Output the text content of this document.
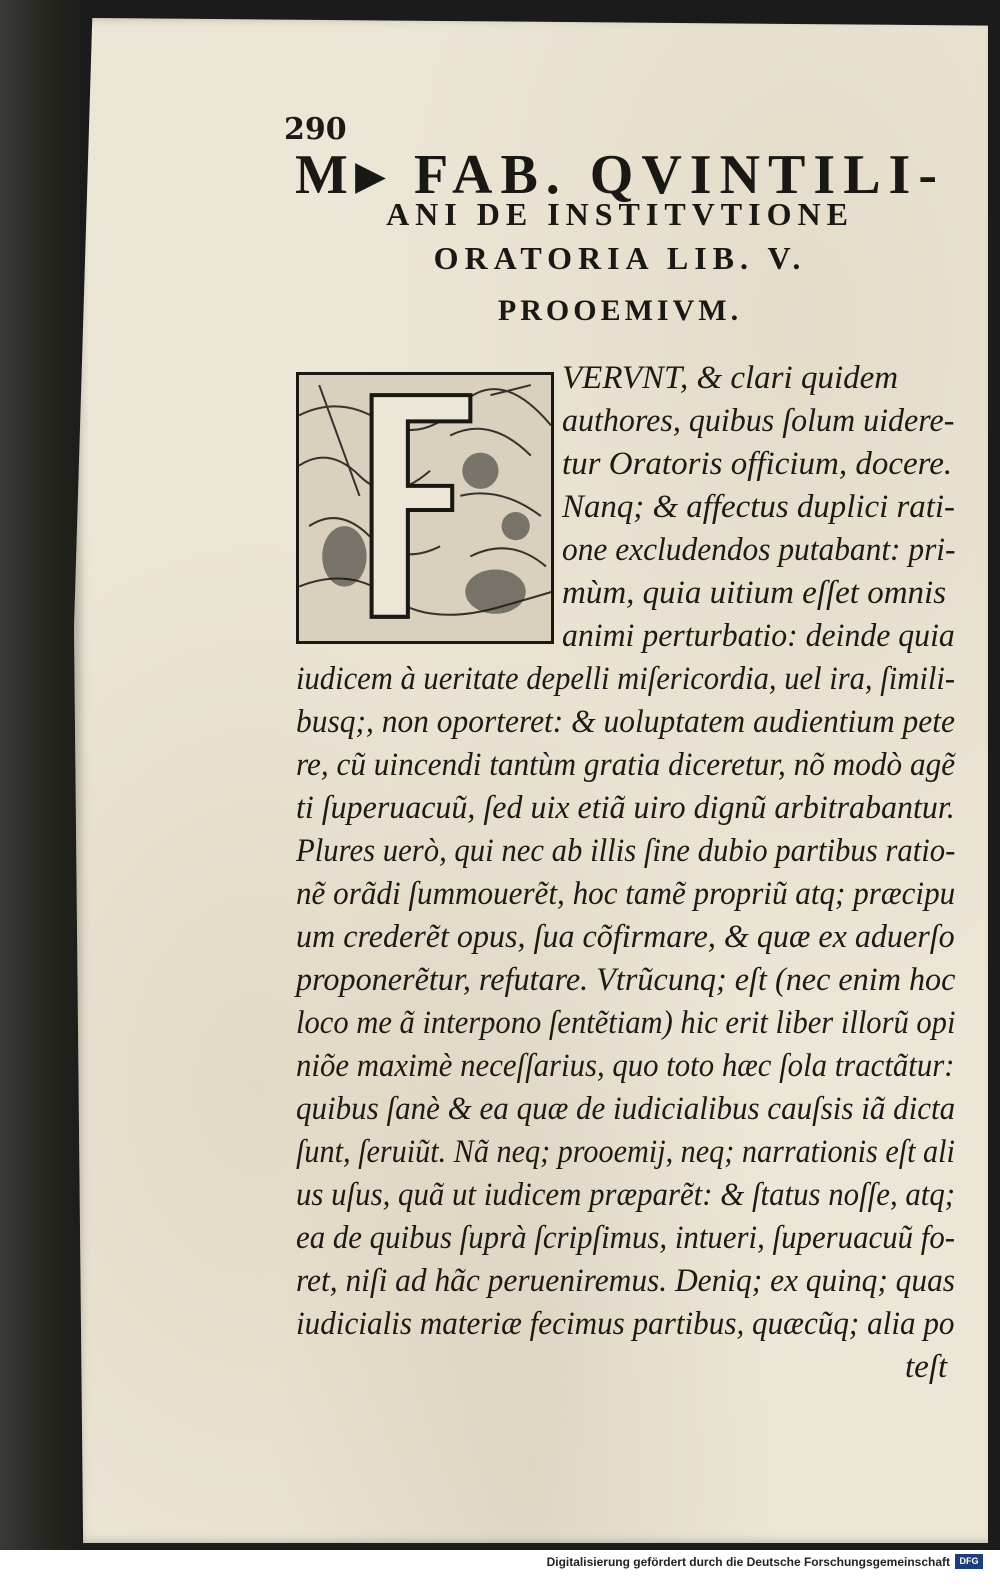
290
M▸ FAB. QVINTILI-
ANI DE INSTITVTIONE
ORATORIA LIB. V.
PROOEMIVM.
VERVNT, & clari quidem
authores, quibus ſolum uidere-
tur Oratoris officium, docere.
Nanq; & affectus duplici rati-
one excludendos putabant: pri-
mùm, quia uitium eſſet omnis
animi perturbatio: deinde quia
iudicem à ueritate depelli miſericordia, uel ira, ſimili-
busq;, non oporteret: & uoluptatem audientium pete
re, cũ uincendi tantùm gratia diceretur, nõ modò agẽ
ti ſuperuacuũ, ſed uix etiã uiro dignũ arbitrabantur.
Plures uerò, qui nec ab illis ſine dubio partibus ratio-
nẽ orãdi ſummouerẽt, hoc tamẽ propriũ atq; præcipu
um crederẽt opus, ſua cõfirmare, & quæ ex aduerſo
proponerẽtur, refutare. Vtrũcunq; eſt (nec enim hoc
loco me ã interpono ſentẽtiam) hic erit liber illorũ opi
niõe maximè neceſſarius, quo toto hæc ſola tractãtur:
quibus ſanè & ea quæ de iudicialibus cauſsis iã dicta
ſunt, ſeruiũt. Nã neq; prooemij, neq; narrationis eſt ali
us uſus, quã ut iudicem præparẽt: & ſtatus noſſe, atq;
ea de quibus ſuprà ſcripſimus, intueri, ſuperuacuũ fo-
ret, niſi ad hãc perueniremus. Deniq; ex quinq; quas
iudicialis materiæ fecimus partibus, quæcũq; alia po
teſt
Digitalisierung gefördert durch die Deutsche Forschungsgemeinschaft	DFG
